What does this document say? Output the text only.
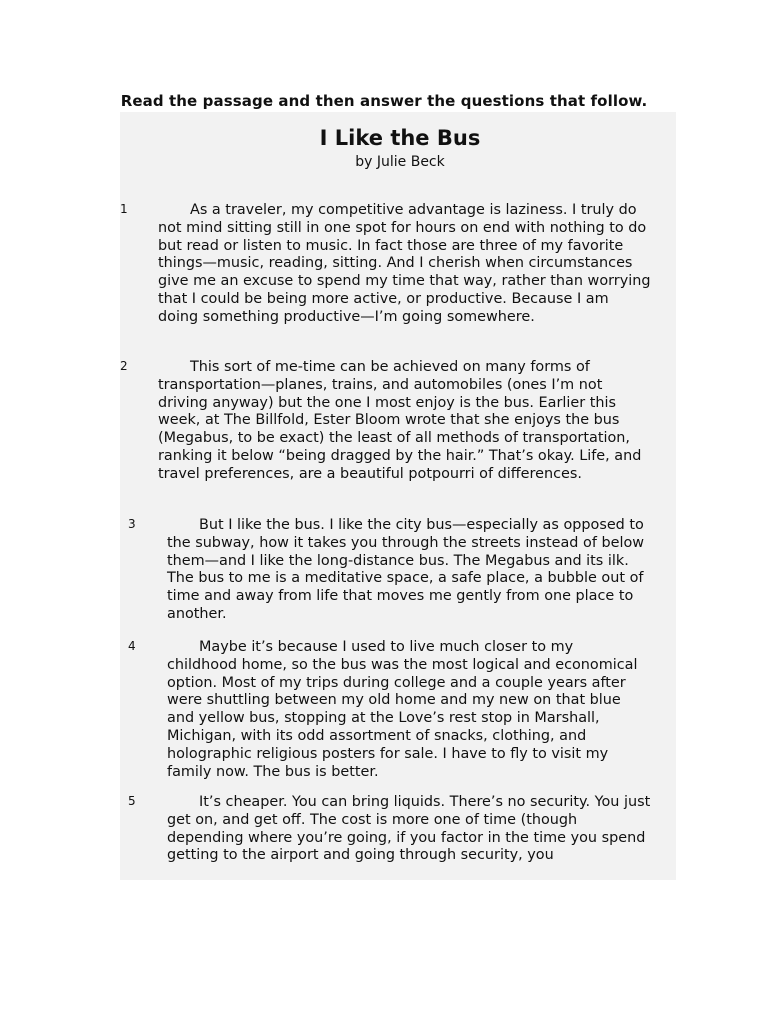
Read the passage and then answer the questions that follow.
I Like the Bus
by Julie Beck
1	As a traveler, my competitive advantage is laziness. I truly do not mind sitting still in one spot for hours on end with nothing to do but read or listen to music. In fact those are three of my favorite things—music, reading, sitting. And I cherish when circumstances give me an excuse to spend my time that way, rather than worrying that I could be being more active, or productive. Because I am doing something productive—I’m going somewhere.
2	This sort of me-time can be achieved on many forms of transportation—planes, trains, and automobiles (ones I’m not driving anyway) but the one I most enjoy is the bus. Earlier this week, at The Billfold, Ester Bloom wrote that she enjoys the bus (Megabus, to be exact) the least of all methods of transportation, ranking it below “being dragged by the hair.” That’s okay. Life, and travel preferences, are a beautiful potpourri of differences.
3	But I like the bus. I like the city bus—especially as opposed to the subway, how it takes you through the streets instead of below them—and I like the long-distance bus. The Megabus and its ilk. The bus to me is a meditative space, a safe place, a bubble out of time and away from life that moves me gently from one place to another.
4	Maybe it’s because I used to live much closer to my childhood home, so the bus was the most logical and economical option. Most of my trips during college and a couple years after were shuttling between my old home and my new on that blue and yellow bus, stopping at the Love’s rest stop in Marshall, Michigan, with its odd assortment of snacks, clothing, and holographic religious posters for sale. I have to fly to visit my family now. The bus is better.
5	It’s cheaper. You can bring liquids. There’s no security. You just get on, and get off. The cost is more one of time (though depending where you’re going, if you factor in the time you spend getting to the airport and going through security, you
